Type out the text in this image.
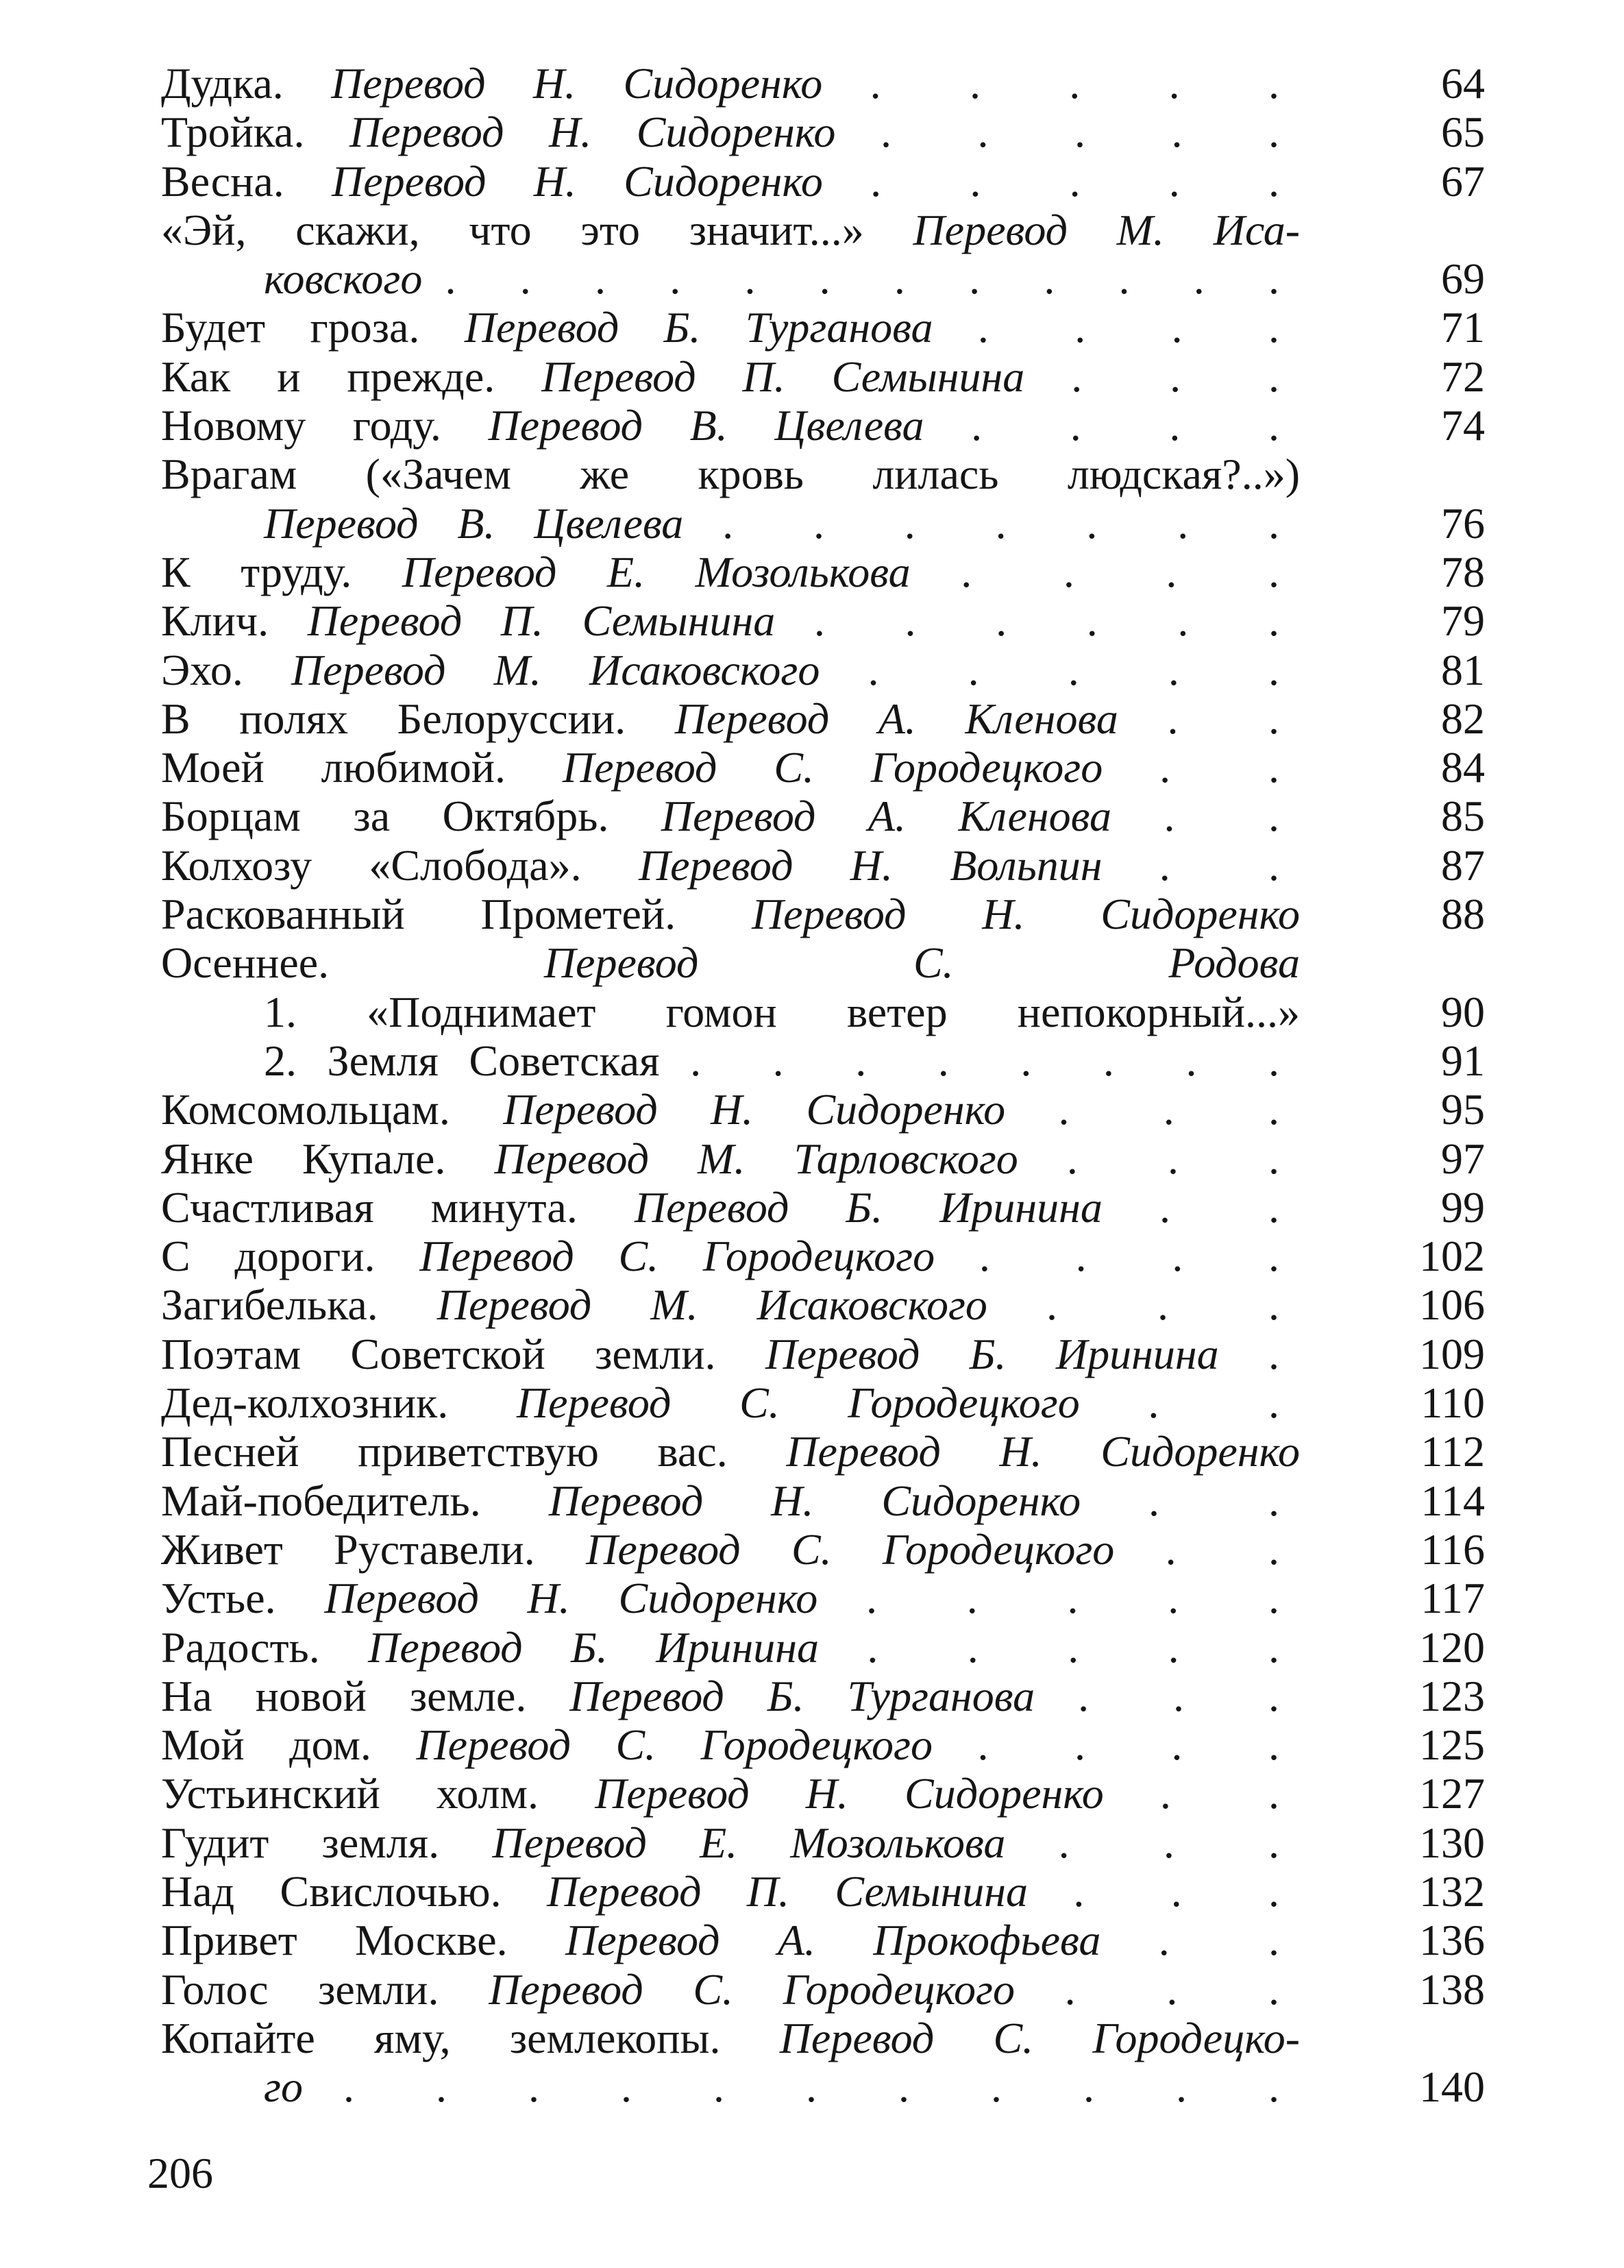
Дудка. Перевод Н. Сидоренко . . . . .	64
Тройка. Перевод Н. Сидоренко . . . . .	65
Весна. Перевод Н. Сидоренко . . . . .	67
«Эй, скажи, что это значит...» Перевод М. Иса-
ковского . . . . . . . . . . . .	69
Будет гроза. Перевод Б. Турганова . . . .	71
Как и прежде. Перевод П. Семынина . . .	72
Новому году. Перевод В. Цвелева . . . .	74
Врагам («Зачем же кровь лилась людская?..»)
Перевод В. Цвелева . . . . . . .	76
К труду. Перевод Е. Мозолькова . . . .	78
Клич. Перевод П. Семынина . . . . . .	79
Эхо. Перевод М. Исаковского . . . . .	81
В полях Белоруссии. Перевод А. Кленова . .	82
Моей любимой. Перевод С. Городецкого . .	84
Борцам за Октябрь. Перевод А. Кленова . .	85
Колхозу «Слобода». Перевод Н. Вольпин . .	87
Раскованный Прометей. Перевод Н. Сидоренко	88
Осеннее.	Перевод С. Родова
1. «Поднимает гомон ветер непокорный...»	90
2. Земля Советская . . . . . . . .	91
Комсомольцам. Перевод Н. Сидоренко . . .	95
Янке Купале. Перевод М. Тарловского . . .	97
Счастливая минута. Перевод Б. Иринина . .	99
С дороги. Перевод С. Городецкого . . . .	102
Загибелька. Перевод М. Исаковского . . .	106
Поэтам Советской земли. Перевод Б. Иринина .	109
Дед-колхозник. Перевод С. Городецкого . .	110
Песней приветствую вас. Перевод Н. Сидоренко	112
Май-победитель. Перевод Н. Сидоренко . .	114
Живет Руставели. Перевод С. Городецкого . .	116
Устье. Перевод Н. Сидоренко . . . . .	117
Радость. Перевод Б. Иринина . . . . .	120
На новой земле. Перевод Б. Турганова . . .	123
Мой дом. Перевод С. Городецкого . . . .	125
Устьинский холм. Перевод Н. Сидоренко . .	127
Гудит земля. Перевод Е. Мозолькова . . .	130
Над Свислочью. Перевод П. Семынина . . .	132
Привет Москве. Перевод А. Прокофьева . .	136
Голос земли. Перевод С. Городецкого . . .	138
Копайте яму, землекопы. Перевод С. Городецко-
го . . . . . . . . . . .	140
206
